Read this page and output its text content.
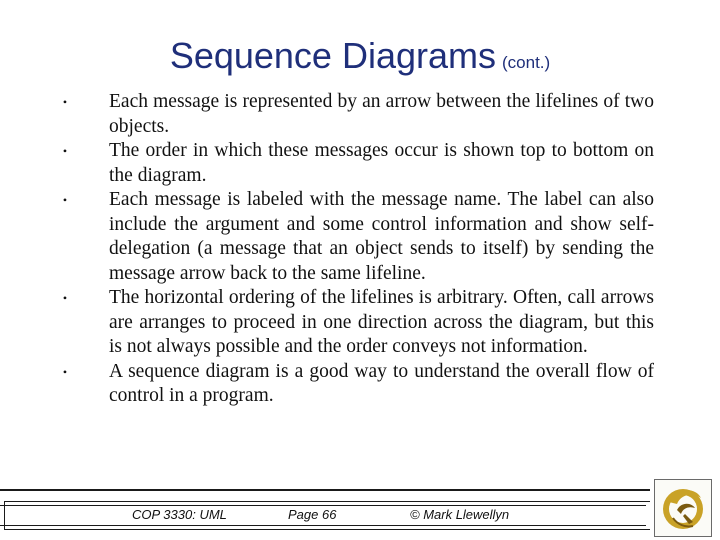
Sequence Diagrams (cont.)
• Each message is represented by an arrow between the lifelines of two objects.
• The order in which these messages occur is shown top to bottom on the diagram.
• Each message is labeled with the message name. The label can also include the argument and some control information and show self-delegation (a message that an object sends to itself) by sending the message arrow back to the same lifeline.
• The horizontal ordering of the lifelines is arbitrary. Often, call arrows are arranges to proceed in one direction across the diagram, but this is not always possible and the order conveys not information.
• A sequence diagram is a good way to understand the overall flow of control in a program.
COP 3330: UML	Page 66	© Mark Llewellyn
